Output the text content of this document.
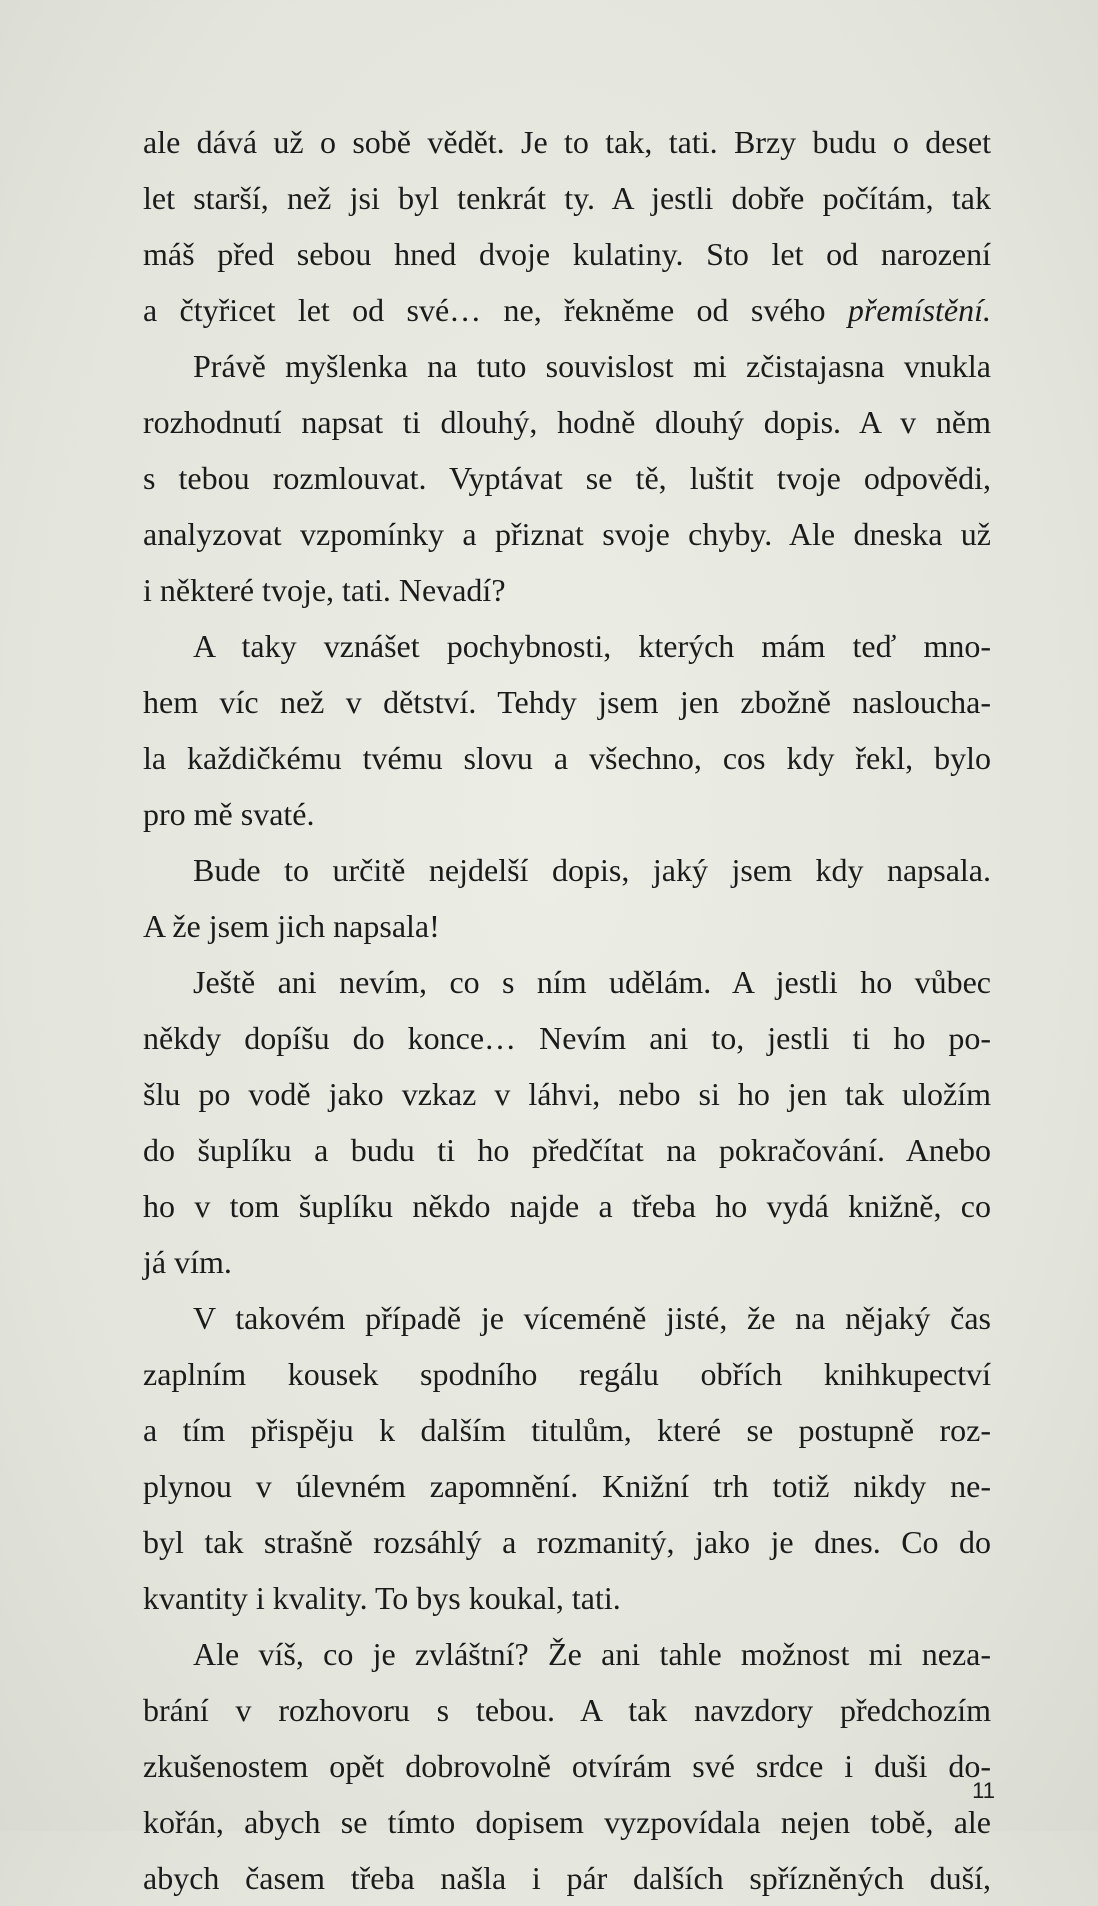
ale dává už o sobě vědět. Je to tak, tati. Brzy budu o deset
let starší, než jsi byl tenkrát ty. A jestli dobře počítám, tak
máš před sebou hned dvoje kulatiny. Sto let od narození
a čtyřicet let od své… ne, řekněme od svého přemístění.
Právě myšlenka na tuto souvislost mi zčistajasna vnukla
rozhodnutí napsat ti dlouhý, hodně dlouhý dopis. A v něm
s tebou rozmlouvat. Vyptávat se tě, luštit tvoje odpovědi,
analyzovat vzpomínky a přiznat svoje chyby. Ale dneska už
i některé tvoje, tati. Nevadí?
A taky vznášet pochybnosti, kterých mám teď mno-
hem víc než v dětství. Tehdy jsem jen zbožně nasloucha-
la každičkému tvému slovu a všechno, cos kdy řekl, bylo
pro mě svaté.
Bude to určitě nejdelší dopis, jaký jsem kdy napsala.
A že jsem jich napsala!
Ještě ani nevím, co s ním udělám. A jestli ho vůbec
někdy dopíšu do konce… Nevím ani to, jestli ti ho po-
šlu po vodě jako vzkaz v láhvi, nebo si ho jen tak uložím
do šuplíku a budu ti ho předčítat na pokračování. Anebo
ho v tom šuplíku někdo najde a třeba ho vydá knižně, co
já vím.
V takovém případě je víceméně jisté, že na nějaký čas
zaplním kousek spodního regálu obřích knihkupectví
a tím přispěju k dalším titulům, které se postupně roz-
plynou v úlevném zapomnění. Knižní trh totiž nikdy ne-
byl tak strašně rozsáhlý a rozmanitý, jako je dnes. Co do
kvantity i kvality. To bys koukal, tati.
Ale víš, co je zvláštní? Že ani tahle možnost mi neza-
brání v rozhovoru s tebou. A tak navzdory předchozím
zkušenostem opět dobrovolně otvírám své srdce i duši do-
kořán, abych se tímto dopisem vyzpovídala nejen tobě, ale
abych časem třeba našla i pár dalších spřízněných duší,
11
